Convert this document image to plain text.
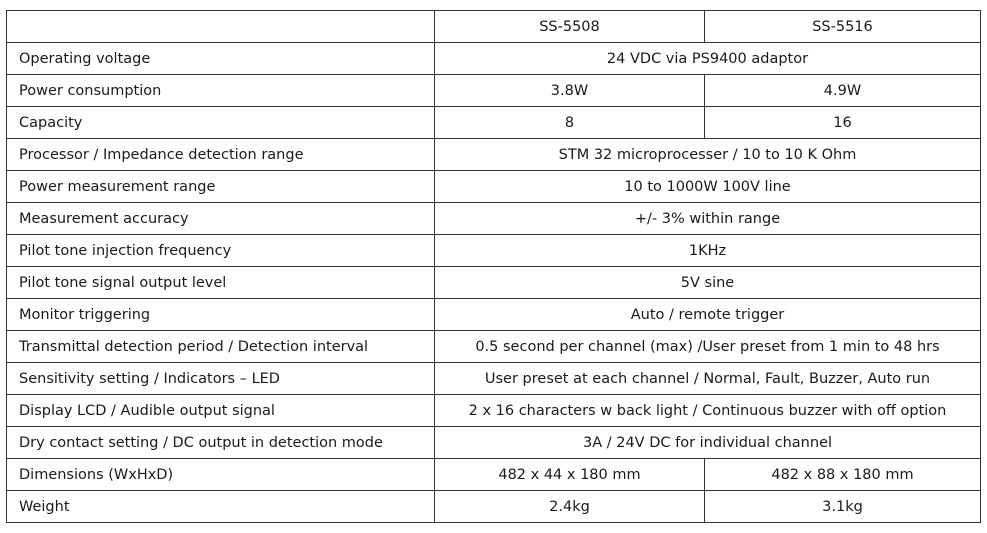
	SS-5508	SS-5516
Operating voltage	24 VDC via PS9400 adaptor	
Power consumption	3.8W	4.9W
Capacity	8	16
Processor / Impedance detection range	STM 32 microprocesser / 10 to 10 K Ohm	
Power measurement range	10 to 1000W 100V line	
Measurement accuracy	+/- 3% within range	
Pilot tone injection frequency	1KHz	
Pilot tone signal output level	5V sine	
Monitor triggering	Auto / remote trigger	
Transmittal detection period / Detection interval	0.5 second per channel (max) /User preset from 1 min to 48 hrs	
Sensitivity setting / Indicators – LED	User preset at each channel / Normal, Fault, Buzzer, Auto run	
Display LCD / Audible output signal	2 x 16 characters w back light / Continuous buzzer with off option	
Dry contact setting / DC output in detection mode	3A / 24V DC for individual channel	
Dimensions (WxHxD)	482 x 44 x 180 mm	482 x 88 x 180 mm
Weight	2.4kg	3.1kg
